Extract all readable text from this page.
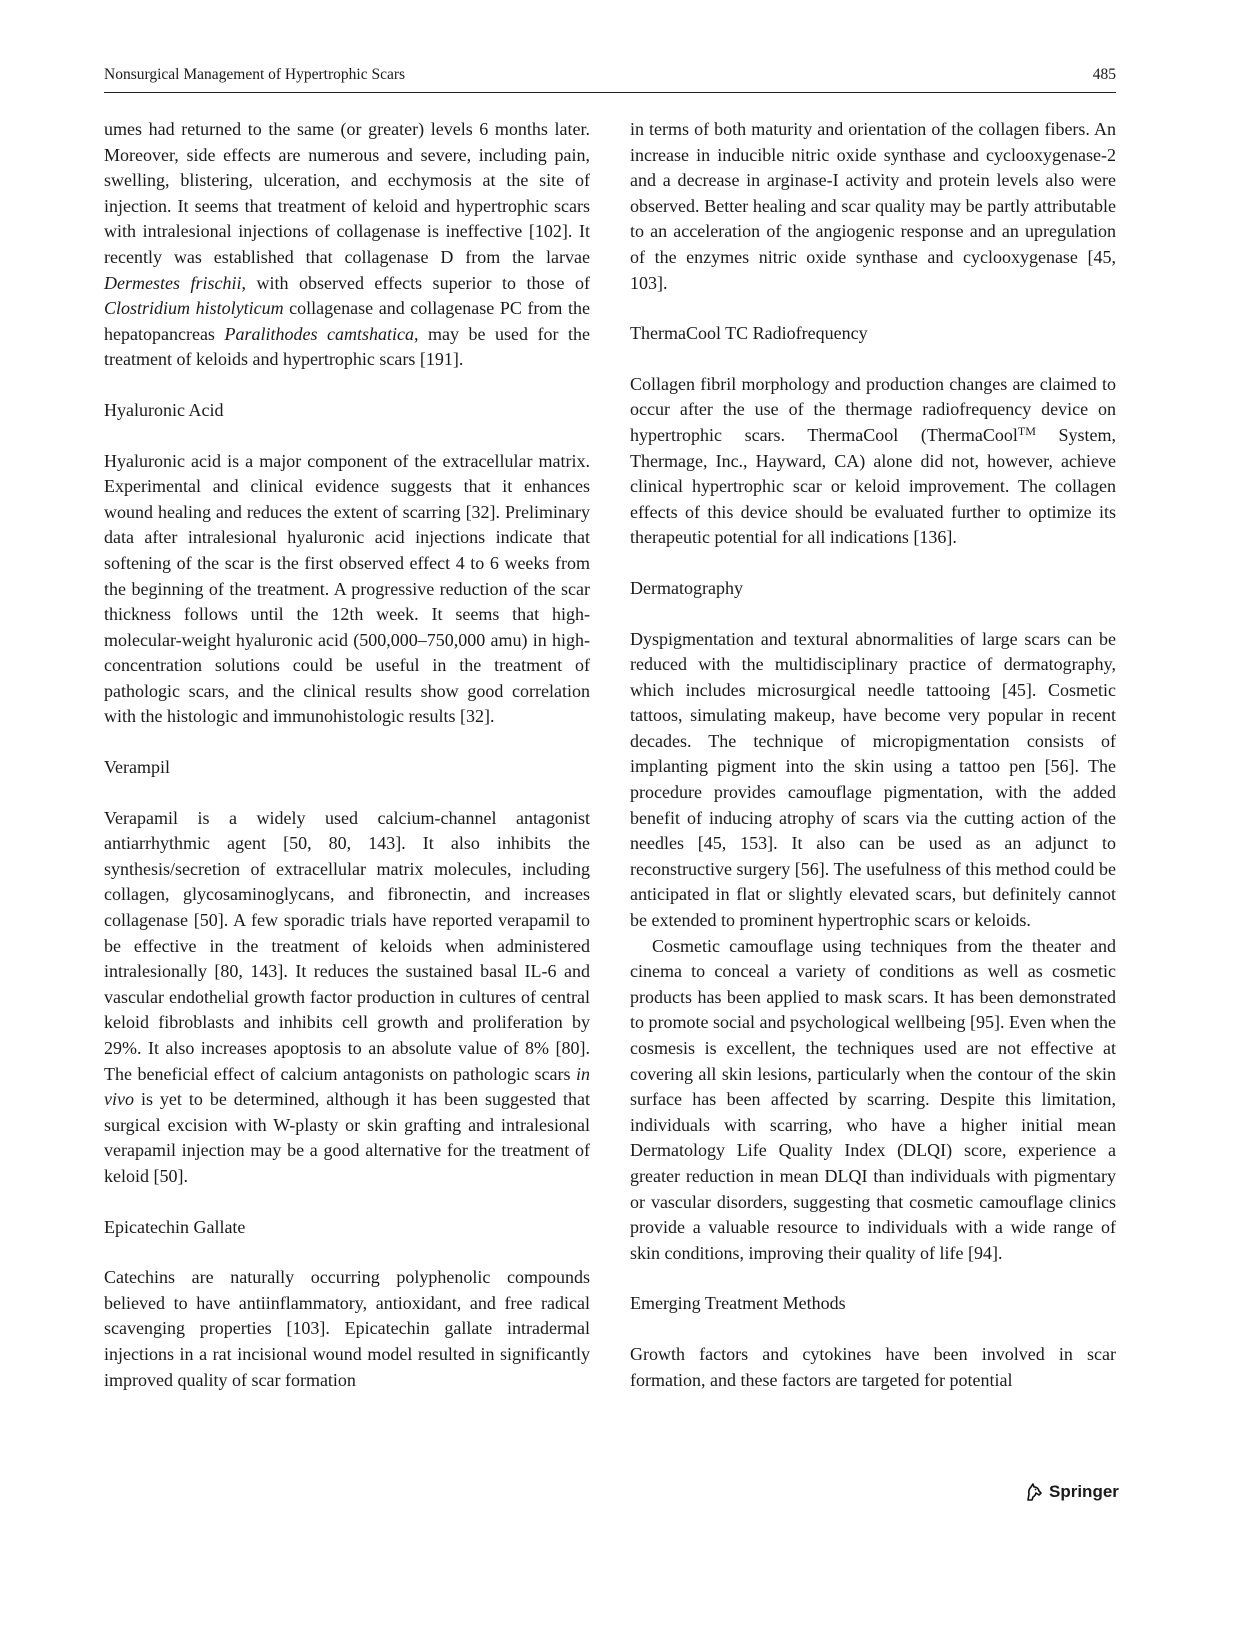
Nonsurgical Management of Hypertrophic Scars	485

umes had returned to the same (or greater) levels 6 months later. Moreover, side effects are numerous and severe, including pain, swelling, blistering, ulceration, and ecchymosis at the site of injection. It seems that treatment of keloid and hypertrophic scars with intralesional injections of collagenase is ineffective [102]. It recently was established that collagenase D from the larvae Dermestes frischii, with observed effects superior to those of Clostridium histolyticum collagenase and collagenase PC from the hepatopancreas Paralithodes camtshatica, may be used for the treatment of keloids and hypertrophic scars [191].

Hyaluronic Acid

Hyaluronic acid is a major component of the extracellular matrix. Experimental and clinical evidence suggests that it enhances wound healing and reduces the extent of scarring [32]. Preliminary data after intralesional hyaluronic acid injections indicate that softening of the scar is the first observed effect 4 to 6 weeks from the beginning of the treatment. A progressive reduction of the scar thickness follows until the 12th week. It seems that high-molecular-weight hyaluronic acid (500,000–750,000 amu) in high-concentration solutions could be useful in the treatment of pathologic scars, and the clinical results show good correlation with the histologic and immunohistologic results [32].

Verampil

Verapamil is a widely used calcium-channel antagonist antiarrhythmic agent [50, 80, 143]. It also inhibits the synthesis/secretion of extracellular matrix molecules, including collagen, glycosaminoglycans, and fibronectin, and increases collagenase [50]. A few sporadic trials have reported verapamil to be effective in the treatment of keloids when administered intralesionally [80, 143]. It reduces the sustained basal IL-6 and vascular endothelial growth factor production in cultures of central keloid fibroblasts and inhibits cell growth and proliferation by 29%. It also increases apoptosis to an absolute value of 8% [80]. The beneficial effect of calcium antagonists on pathologic scars in vivo is yet to be determined, although it has been suggested that surgical excision with W-plasty or skin grafting and intralesional verapamil injection may be a good alternative for the treatment of keloid [50].

Epicatechin Gallate

Catechins are naturally occurring polyphenolic compounds believed to have antiinflammatory, antioxidant, and free radical scavenging properties [103]. Epicatechin gallate intradermal injections in a rat incisional wound model resulted in significantly improved quality of scar formation

in terms of both maturity and orientation of the collagen fibers. An increase in inducible nitric oxide synthase and cyclooxygenase-2 and a decrease in arginase-I activity and protein levels also were observed. Better healing and scar quality may be partly attributable to an acceleration of the angiogenic response and an upregulation of the enzymes nitric oxide synthase and cyclooxygenase [45, 103].

ThermaCool TC Radiofrequency

Collagen fibril morphology and production changes are claimed to occur after the use of the thermage radiofrequency device on hypertrophic scars. ThermaCool (ThermaCool™ System, Thermage, Inc., Hayward, CA) alone did not, however, achieve clinical hypertrophic scar or keloid improvement. The collagen effects of this device should be evaluated further to optimize its therapeutic potential for all indications [136].

Dermatography

Dyspigmentation and textural abnormalities of large scars can be reduced with the multidisciplinary practice of dermatography, which includes microsurgical needle tattooing [45]. Cosmetic tattoos, simulating makeup, have become very popular in recent decades. The technique of micropigmentation consists of implanting pigment into the skin using a tattoo pen [56]. The procedure provides camouflage pigmentation, with the added benefit of inducing atrophy of scars via the cutting action of the needles [45, 153]. It also can be used as an adjunct to reconstructive surgery [56]. The usefulness of this method could be anticipated in flat or slightly elevated scars, but definitely cannot be extended to prominent hypertrophic scars or keloids.

Cosmetic camouflage using techniques from the theater and cinema to conceal a variety of conditions as well as cosmetic products has been applied to mask scars. It has been demonstrated to promote social and psychological wellbeing [95]. Even when the cosmesis is excellent, the techniques used are not effective at covering all skin lesions, particularly when the contour of the skin surface has been affected by scarring. Despite this limitation, individuals with scarring, who have a higher initial mean Dermatology Life Quality Index (DLQI) score, experience a greater reduction in mean DLQI than individuals with pigmentary or vascular disorders, suggesting that cosmetic camouflage clinics provide a valuable resource to individuals with a wide range of skin conditions, improving their quality of life [94].

Emerging Treatment Methods

Growth factors and cytokines have been involved in scar formation, and these factors are targeted for potential

Springer
